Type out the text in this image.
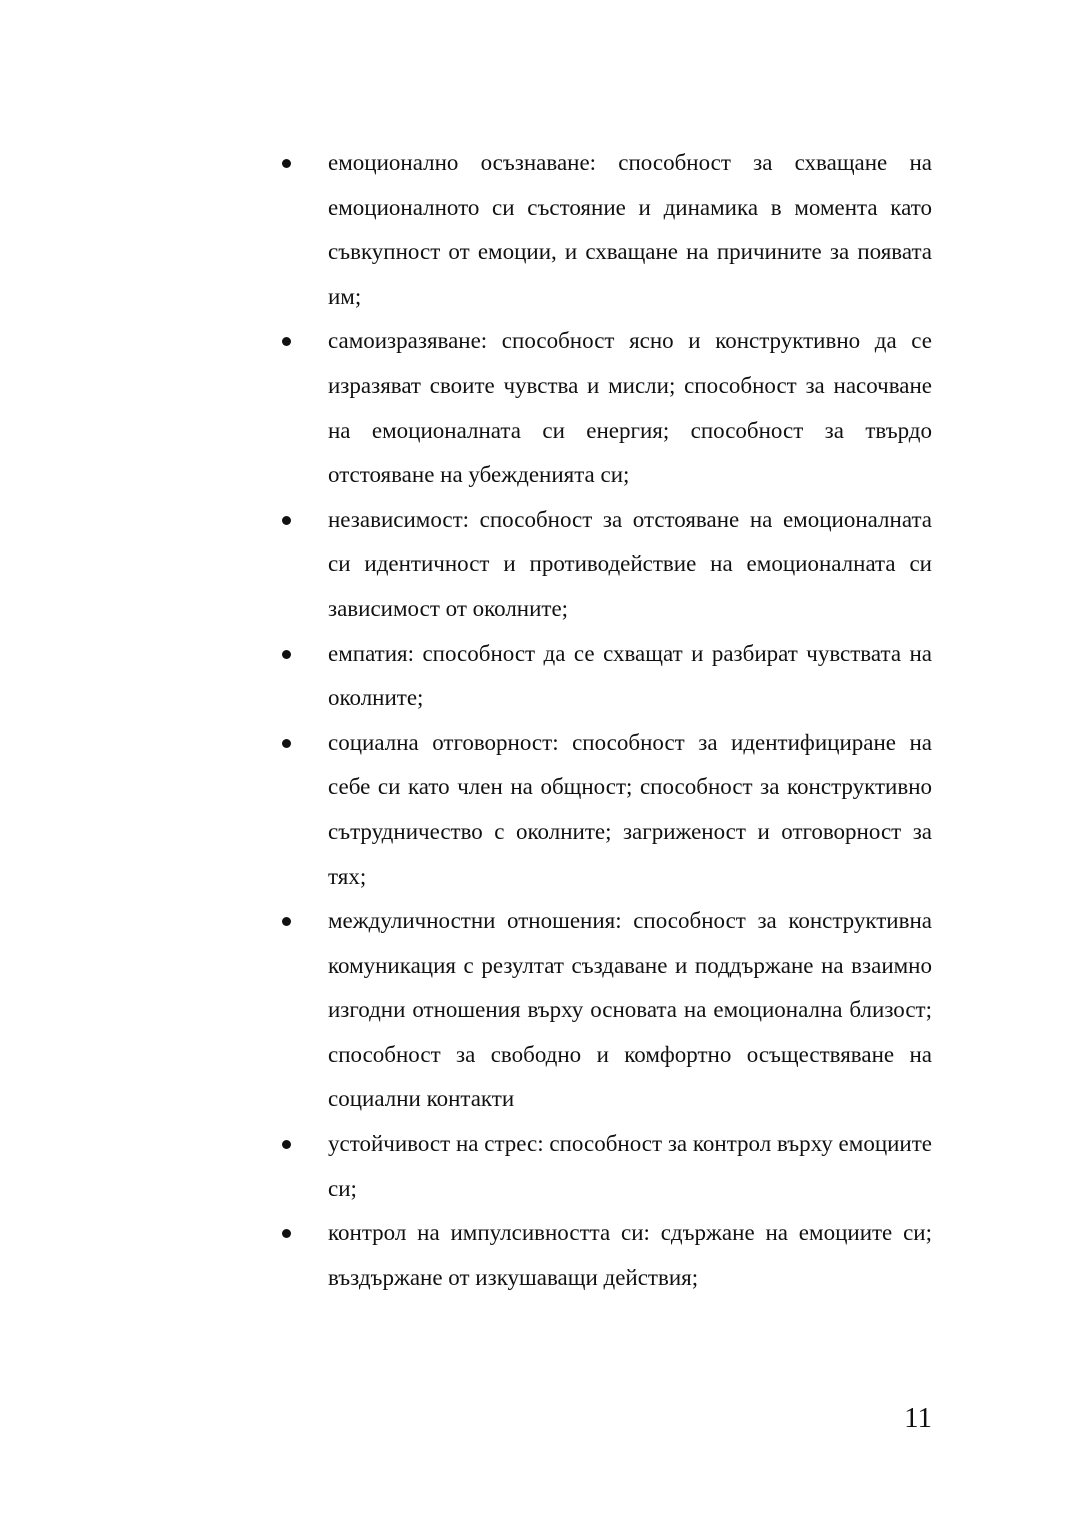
емоционално осъзнаване: способност за схващане на емоционалното си състояние и динамика в момента като съвкупност от емоции, и схващане на причините за появата им;
самоизразяване: способност ясно и конструктивно да се изразяват своите чувства и мисли; способност за насочване на емоционалната си енергия; способност за твърдо отстояване на убежденията си;
независимост: способност за отстояване на емоционалната си идентичност и противодействие на емоционалната си зависимост от околните;
емпатия: способност да се схващат и разбират чувствата на околните;
социална отговорност: способност за идентифициране на себе си като член на общност; способност за конструктивно сътрудничество с околните; загриженост и отговорност за тях;
междуличностни отношения: способност за конструктивна комуникация с резултат създаване и поддържане на взаимно изгодни отношения върху основата на емоционална близост; способност за свободно и комфортно осъществяване на социални контакти
устойчивост на стрес: способност за контрол върху емоциите си;
контрол на импулсивността си: сдържане на емоциите си; въздържане от изкушаващи действия;
11
